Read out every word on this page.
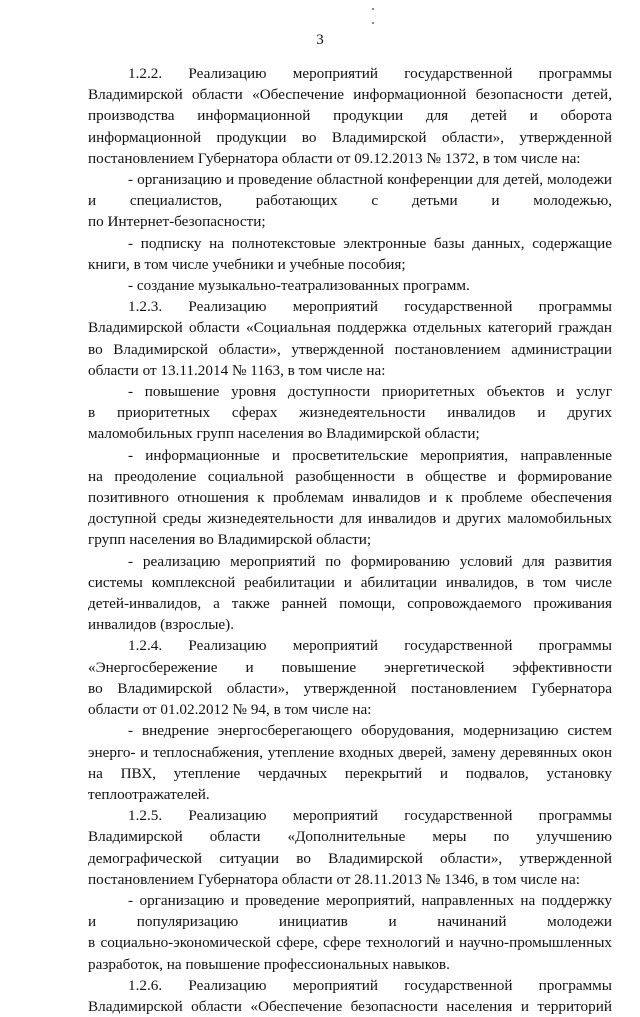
3
1.2.2. Реализацию мероприятий государственной программы
Владимирской области «Обеспечение информационной безопасности детей,
производства информационной продукции для детей и оборота
информационной продукции во Владимирской области», утвержденной
постановлением Губернатора области от 09.12.2013 № 1372, в том числе на:
- организацию и проведение областной конференции для детей, молодежи
и специалистов, работающих с детьми и молодежью,
по Интернет-безопасности;
- подписку на полнотекстовые электронные базы данных, содержащие
книги, в том числе учебники и учебные пособия;
- создание музыкально-театрализованных программ.
1.2.3. Реализацию мероприятий государственной программы
Владимирской области «Социальная поддержка отдельных категорий граждан
во Владимирской области», утвержденной постановлением администрации
области от 13.11.2014 № 1163, в том числе на:
- повышение уровня доступности приоритетных объектов и услуг
в приоритетных сферах жизнедеятельности инвалидов и других
маломобильных групп населения во Владимирской области;
- информационные и просветительские мероприятия, направленные
на преодоление социальной разобщенности в обществе и формирование
позитивного отношения к проблемам инвалидов и к проблеме обеспечения
доступной среды жизнедеятельности для инвалидов и других маломобильных
групп населения во Владимирской области;
- реализацию мероприятий по формированию условий для развития
системы комплексной реабилитации и абилитации инвалидов, в том числе
детей-инвалидов, а также ранней помощи, сопровождаемого проживания
инвалидов (взрослые).
1.2.4. Реализацию мероприятий государственной программы
«Энергосбережение и повышение энергетической эффективности
во Владимирской области», утвержденной постановлением Губернатора
области от 01.02.2012 № 94, в том числе на:
- внедрение энергосберегающего оборудования, модернизацию систем
энерго- и теплоснабжения, утепление входных дверей, замену деревянных окон
на ПВХ, утепление чердачных перекрытий и подвалов, установку
теплоотражателей.
1.2.5. Реализацию мероприятий государственной программы
Владимирской области «Дополнительные меры по улучшению
демографической ситуации во Владимирской области», утвержденной
постановлением Губернатора области от 28.11.2013 № 1346, в том числе на:
- организацию и проведение мероприятий, направленных на поддержку
и популяризацию инициатив и начинаний молодежи
в социально-экономической сфере, сфере технологий и научно-промышленных
разработок, на повышение профессиональных навыков.
1.2.6. Реализацию мероприятий государственной программы
Владимирской области «Обеспечение безопасности населения и территорий
